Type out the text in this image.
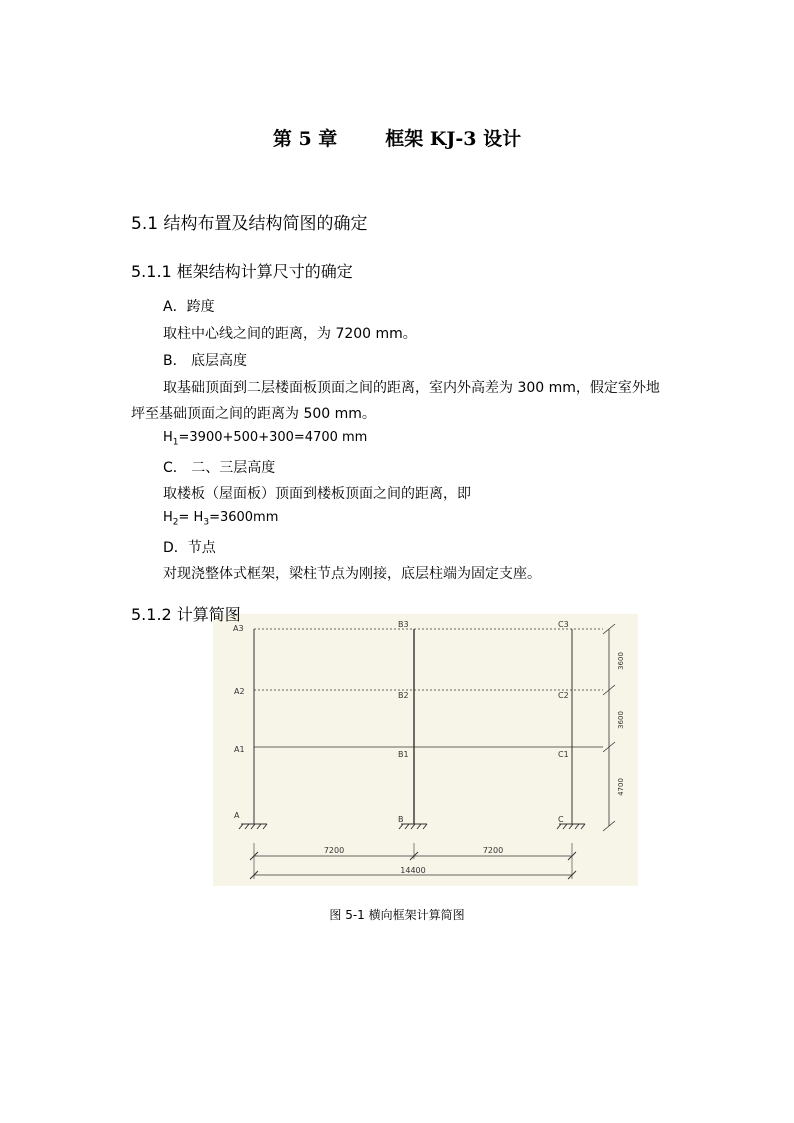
第 5 章	框架 KJ-3 设计
5.1 结构布置及结构简图的确定
5.1.1 框架结构计算尺寸的确定
A．跨度
取柱中心线之间的距离，为 7200 mm。
B． 底层高度
取基础顶面到二层楼面板顶面之间的距离，室内外高差为 300 mm，假定室外地
坪至基础顶面之间的距离为 500 mm。
$H_1=3900+500+300=4700$ mm
C． 二、三层高度
取楼板（屋面板）顶面到楼板顶面之间的距离，即
$H_2= H_3=3600mm$
D．节点
对现浇整体式框架，梁柱节点为刚接，底层柱端为固定支座。
A3	B3	C3
A2	B2	C2
A1
B1	C1
A	B	C
3600
3600
4700
7200	7200
14400
5.1.2 计算简图
图 5-1 横向框架计算简图
